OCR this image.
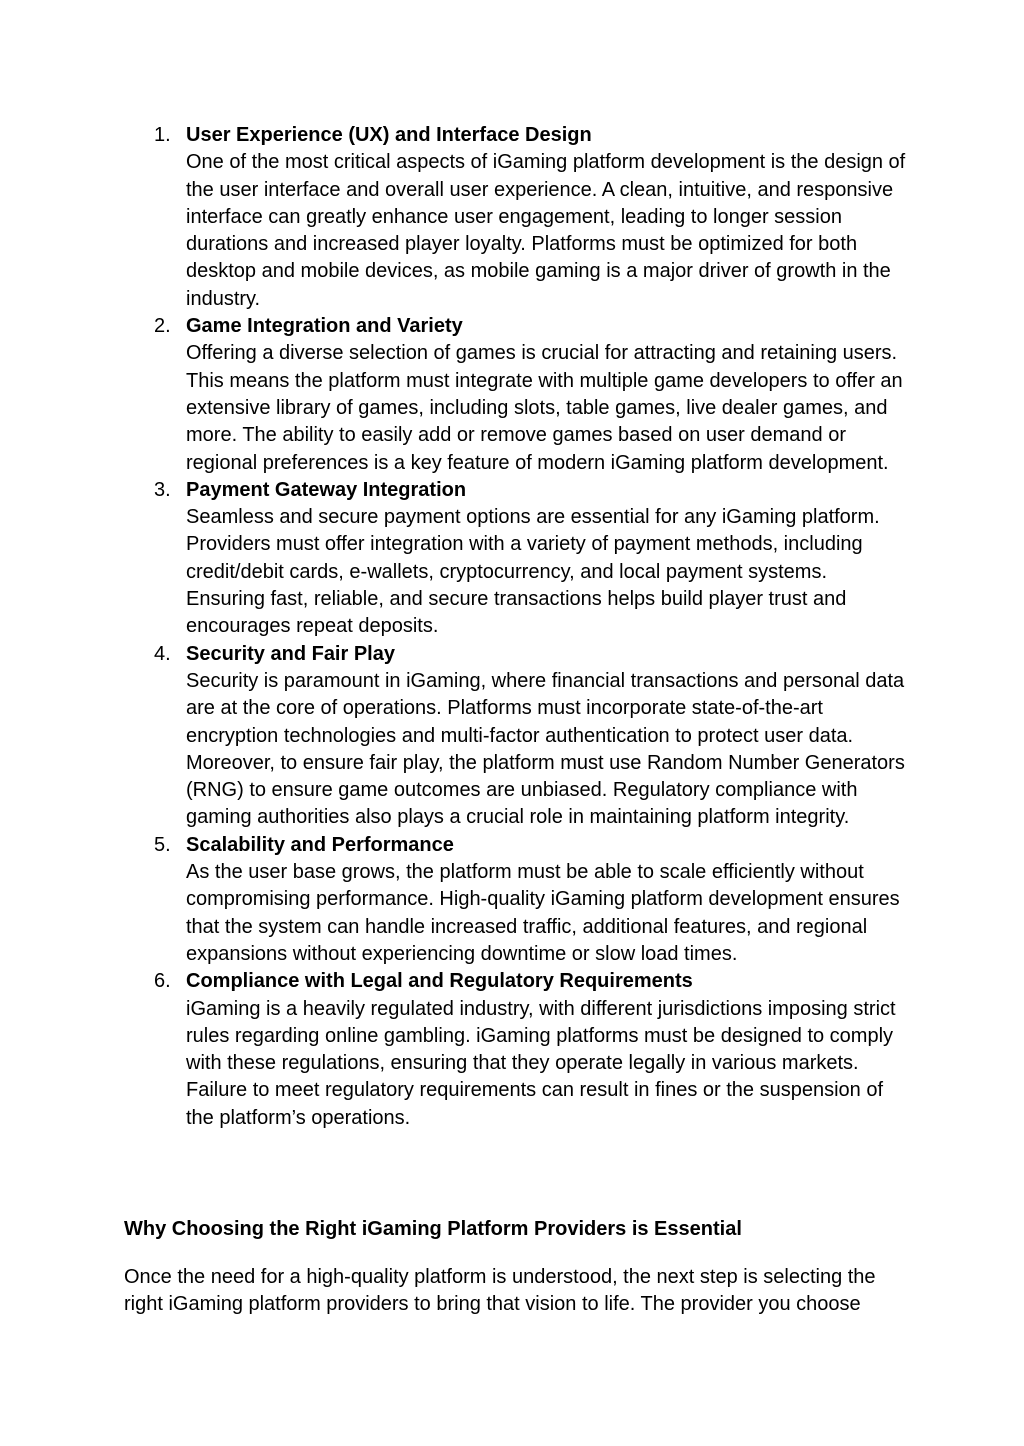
1. User Experience (UX) and Interface Design
One of the most critical aspects of iGaming platform development is the design of the user interface and overall user experience. A clean, intuitive, and responsive interface can greatly enhance user engagement, leading to longer session durations and increased player loyalty. Platforms must be optimized for both desktop and mobile devices, as mobile gaming is a major driver of growth in the industry.
2. Game Integration and Variety
Offering a diverse selection of games is crucial for attracting and retaining users. This means the platform must integrate with multiple game developers to offer an extensive library of games, including slots, table games, live dealer games, and more. The ability to easily add or remove games based on user demand or regional preferences is a key feature of modern iGaming platform development.
3. Payment Gateway Integration
Seamless and secure payment options are essential for any iGaming platform. Providers must offer integration with a variety of payment methods, including credit/debit cards, e-wallets, cryptocurrency, and local payment systems. Ensuring fast, reliable, and secure transactions helps build player trust and encourages repeat deposits.
4. Security and Fair Play
Security is paramount in iGaming, where financial transactions and personal data are at the core of operations. Platforms must incorporate state-of-the-art encryption technologies and multi-factor authentication to protect user data. Moreover, to ensure fair play, the platform must use Random Number Generators (RNG) to ensure game outcomes are unbiased. Regulatory compliance with gaming authorities also plays a crucial role in maintaining platform integrity.
5. Scalability and Performance
As the user base grows, the platform must be able to scale efficiently without compromising performance. High-quality iGaming platform development ensures that the system can handle increased traffic, additional features, and regional expansions without experiencing downtime or slow load times.
6. Compliance with Legal and Regulatory Requirements
iGaming is a heavily regulated industry, with different jurisdictions imposing strict rules regarding online gambling. iGaming platforms must be designed to comply with these regulations, ensuring that they operate legally in various markets. Failure to meet regulatory requirements can result in fines or the suspension of the platform’s operations.
Why Choosing the Right iGaming Platform Providers is Essential

Once the need for a high-quality platform is understood, the next step is selecting the
right iGaming platform providers to bring that vision to life. The provider you choose
